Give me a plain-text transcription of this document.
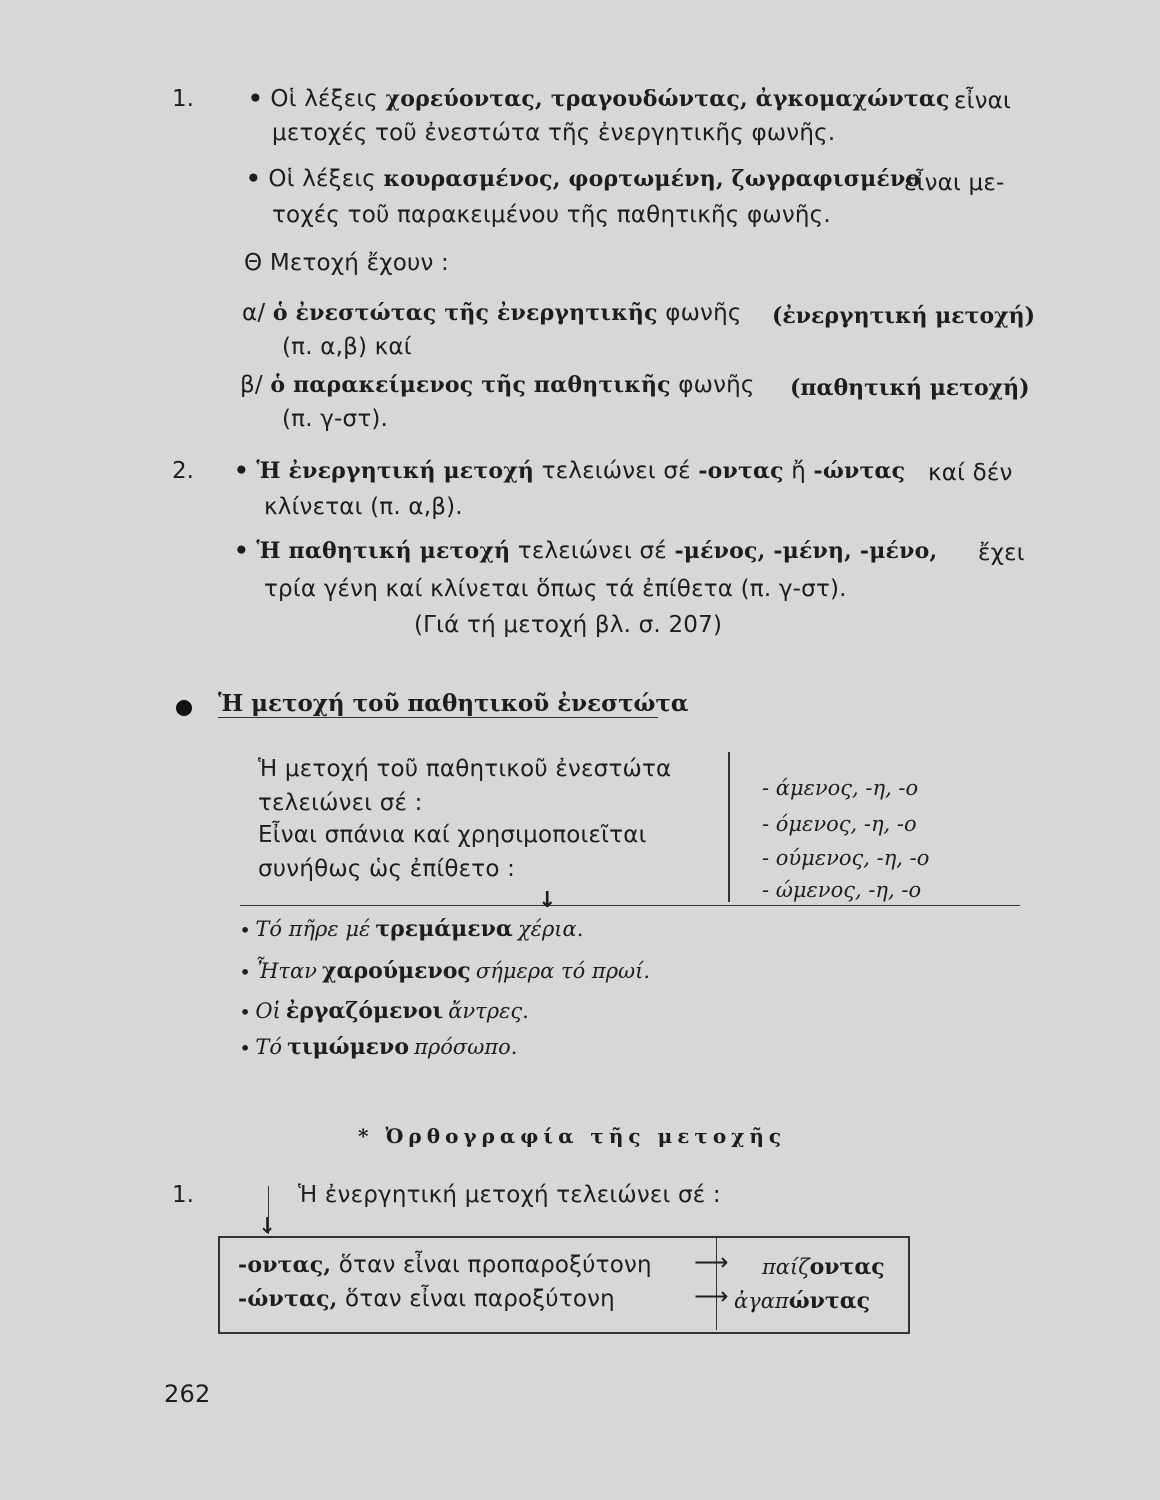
1. • Οἱ λέξεις χορεύοντας, τραγουδώντας, ἀγκομαχώντας εἶναι
μετοχές τοῦ ἐνεστώτα τῆς ἐνεργητικῆς φωνῆς.
• Οἱ λέξεις κουρασμένος, φορτωμένη, ζωγραφισμένο
εἶναι με-
τοχές τοῦ παρακειμένου τῆς παθητικῆς φωνῆς.
Θ Μετοχή ἔχουν :
α/ ὁ ἐνεστώτας τῆς ἐνεργητικῆς φωνῆς (ἐνεργητική μετοχή)
(π. α,β) καί
β/ ὁ παρακείμενος τῆς παθητικῆς φωνῆς (παθητική μετοχή)
(π. γ-στ).
2. • Ἡ ἐνεργητική μετοχή τελειώνει σέ -οντας ἤ -ώντας καί δέν
κλίνεται (π. α,β).
• Ἡ παθητική μετοχή τελειώνει σέ -μένος, -μένη, -μένο, ἔχει
τρία γένη καί κλίνεται ὅπως τά ἐπίθετα (π. γ-στ).
(Γιά τή μετοχή βλ. σ. 207)
Ἡ μετοχή τοῦ παθητικοῦ ἐνεστώτα
Ἡ μετοχή τοῦ παθητικοῦ ἐνεστώτα
τελειώνει σέ :
Εἶναι σπάνια καί χρησιμοποιεῖται
συνήθως ὡς ἐπίθετο :
↓
- άμενος, -η, -ο
- όμενος, -η, -ο
- ούμενος, -η, -ο
- ώμενος, -η, -ο
• Τό πῆρε μέ τρεμάμενα χέρια.
• Ἦταν χαρούμενος σήμερα τό πρωί.
• Οἱ ἐργαζόμενοι ἄντρες.
• Τό τιμώμενο πρόσωπο.
* Ὀρθογραφία τῆς μετοχῆς
1.
↓
Ἡ ἐνεργητική μετοχή τελειώνει σέ :
-οντας, ὅταν εἶναι προπαροξύτονη ⟶ παίζοντας
-ώντας, ὅταν εἶναι παροξύτονη	⟶ ἀγαπώντας
262
